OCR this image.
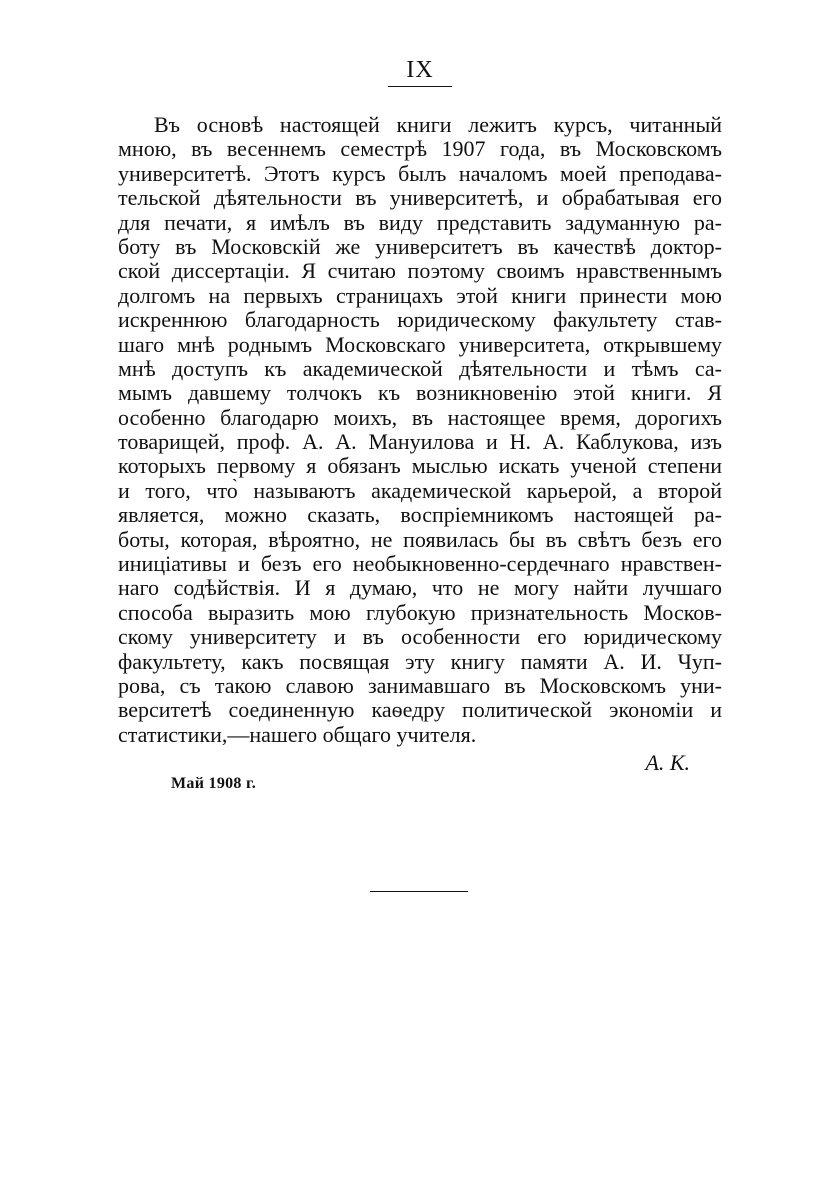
IX
Въ основѣ настоящей книги лежитъ курсъ, читанный
мною, въ весеннемъ семестрѣ 1907 года, въ Московскомъ
университетѣ. Этотъ курсъ былъ началомъ моей преподава-
тельской дѣятельности въ университетѣ, и обрабатывая его
для печати, я имѣлъ въ виду представить задуманную ра-
боту въ Московскій же университетъ въ качествѣ доктор-
ской диссертаціи. Я считаю поэтому своимъ нравственнымъ
долгомъ на первыхъ страницахъ этой книги принести мою
искреннюю благодарность юридическому факультету став-
шаго мнѣ роднымъ Московскаго университета, открывшему
мнѣ доступъ къ академической дѣятельности и тѣмъ са-
мымъ давшему толчокъ къ возникновенію этой книги. Я
особенно благодарю моихъ, въ настоящее время, дорогихъ
товарищей, проф. А. А. Мануилова и Н. А. Каблукова, изъ
которыхъ первому я обязанъ мыслью искать ученой степени
и того, что̀ называютъ академической карьерой, а второй
является, можно сказать, воспріемникомъ настоящей ра-
боты, которая, вѣроятно, не появилась бы въ свѣтъ безъ его
иниціативы и безъ его необыкновенно-сердечнаго нравствен-
наго содѣйствія. И я думаю, что не могу найти лучшаго
способа выразить мою глубокую признательность Москов-
скому университету и въ особенности его юридическому
факультету, какъ посвящая эту книгу памяти А. И. Чуп-
рова, съ такою славою занимавшаго въ Московскомъ уни-
верситетѣ соединенную каѳедру политической экономіи и
статистики,—нашего общаго учителя.
А. К.
Май 1908 г.
